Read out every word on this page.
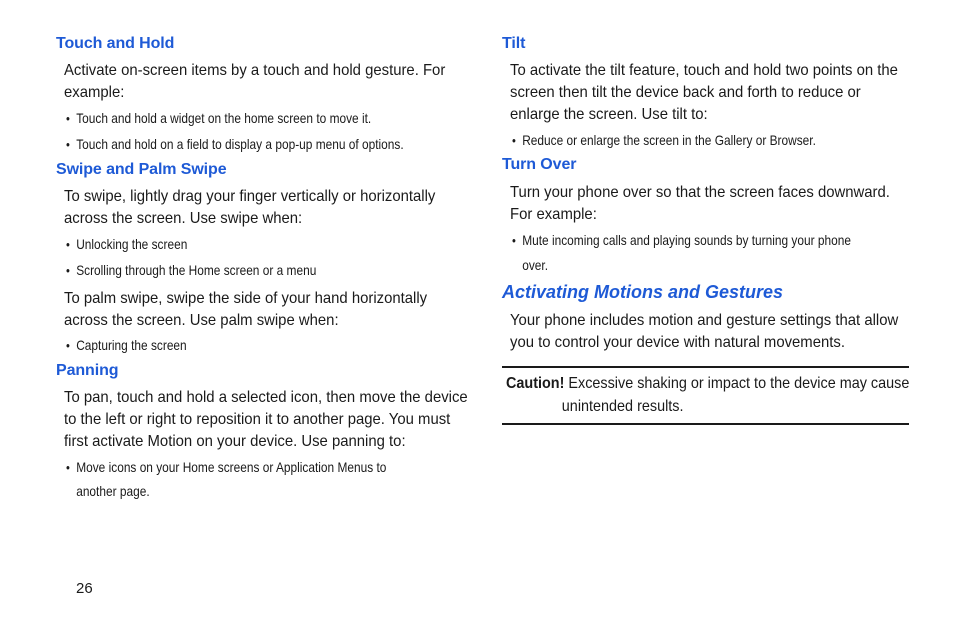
Touch and Hold
Activate on-screen items by a touch and hold gesture. For
example:
• Touch and hold a widget on the home screen to move it.
• Touch and hold on a field to display a pop-up menu of options.
Swipe and Palm Swipe
To swipe, lightly drag your finger vertically or horizontally
across the screen. Use swipe when:
• Unlocking the screen
• Scrolling through the Home screen or a menu
To palm swipe, swipe the side of your hand horizontally
across the screen. Use palm swipe when:
• Capturing the screen
Panning
To pan, touch and hold a selected icon, then move the device
to the left or right to reposition it to another page. You must
first activate Motion on your device. Use panning to:
• Move icons on your Home screens or Application Menus to
another page.
Tilt
To activate the tilt feature, touch and hold two points on the
screen then tilt the device back and forth to reduce or
enlarge the screen. Use tilt to:
• Reduce or enlarge the screen in the Gallery or Browser.
Turn Over
Turn your phone over so that the screen faces downward.
For example:
• Mute incoming calls and playing sounds by turning your phone
over.
Activating Motions and Gestures
Your phone includes motion and gesture settings that allow
you to control your device with natural movements.
Caution! Excessive shaking or impact to the device may cause
unintended results.
26
